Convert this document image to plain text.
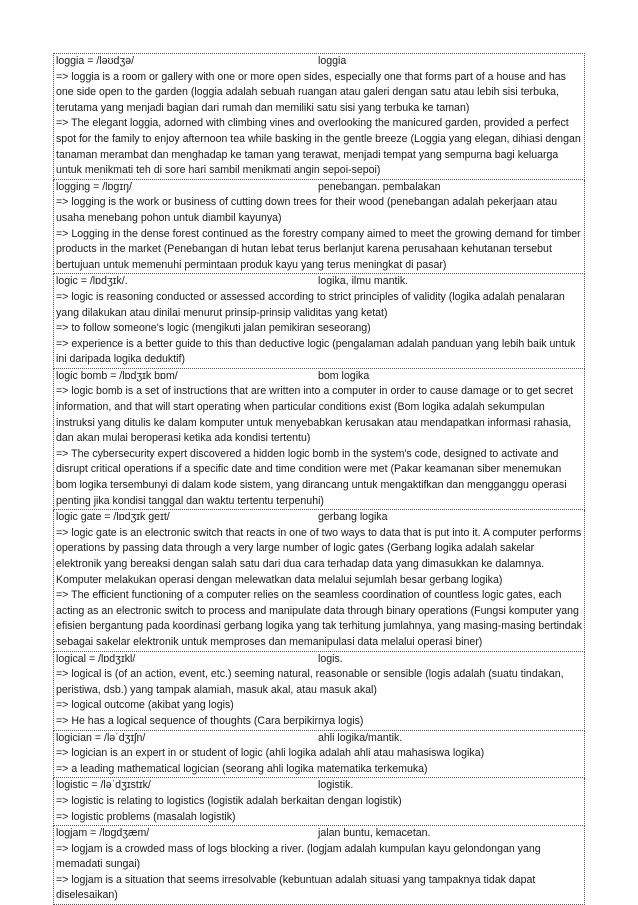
loggia = /ləʊdʒə/	loggia
=> loggia is a room or gallery with one or more open sides, especially one that forms part of a house and has one side open to the garden (loggia adalah sebuah ruangan atau galeri dengan satu atau lebih sisi terbuka, terutama yang menjadi bagian dari rumah dan memiliki satu sisi yang terbuka ke taman)
=> The elegant loggia, adorned with climbing vines and overlooking the manicured garden, provided a perfect spot for the family to enjoy afternoon tea while basking in the gentle breeze (Loggia yang elegan, dihiasi dengan tanaman merambat dan menghadap ke taman yang terawat, menjadi tempat yang sempurna bagi keluarga untuk menikmati teh di sore hari sambil menikmati angin sepoi-sepoi)
logging = /lɒɡɪŋ/	penebangan. pembalakan
=> logging is the work or business of cutting down trees for their wood (penebangan adalah pekerjaan atau usaha menebang pohon untuk diambil kayunya)
=> Logging in the dense forest continued as the forestry company aimed to meet the growing demand for timber products in the market (Penebangan di hutan lebat terus berlanjut karena perusahaan kehutanan tersebut bertujuan untuk memenuhi permintaan produk kayu yang terus meningkat di pasar)
logic = /lɒdʒɪk/.	logika, ilmu mantik.
=> logic is reasoning conducted or assessed according to strict principles of validity (logika adalah penalaran yang dilakukan atau dinilai menurut prinsip-prinsip validitas yang ketat)
=> to follow someone's logic (mengikuti jalan pemikiran seseorang)
=> experience is a better guide to this than deductive logic (pengalaman adalah panduan yang lebih baik untuk ini daripada logika deduktif)
logic bomb = /lɒdʒɪk bɒm/	bom logika
=> logic bomb is a set of instructions that are written into a computer in order to cause damage or to get secret information, and that will start operating when particular conditions exist (Bom logika adalah sekumpulan instruksi yang ditulis ke dalam komputer untuk menyebabkan kerusakan atau mendapatkan informasi rahasia, dan akan mulai beroperasi ketika ada kondisi tertentu)
=> The cybersecurity expert discovered a hidden logic bomb in the system's code, designed to activate and disrupt critical operations if a specific date and time condition were met (Pakar keamanan siber menemukan bom logika tersembunyi di dalam kode sistem, yang dirancang untuk mengaktifkan dan mengganggu operasi penting jika kondisi tanggal dan waktu tertentu terpenuhi)
logic gate = /lɒdʒɪk ɡeɪt/	gerbang logika
=> logic gate is an electronic switch that reacts in one of two ways to data that is put into it. A computer performs operations by passing data through a very large number of logic gates (Gerbang logika adalah sakelar elektronik yang bereaksi dengan salah satu dari dua cara terhadap data yang dimasukkan ke dalamnya. Komputer melakukan operasi dengan melewatkan data melalui sejumlah besar gerbang logika)
=> The efficient functioning of a computer relies on the seamless coordination of countless logic gates, each acting as an electronic switch to process and manipulate data through binary operations (Fungsi komputer yang efisien bergantung pada koordinasi gerbang logika yang tak terhitung jumlahnya, yang masing-masing bertindak sebagai sakelar elektronik untuk memproses dan memanipulasi data melalui operasi biner)
logical = /lɒdʒɪkl/	logis.
=> logical is (of an action, event, etc.) seeming natural, reasonable or sensible (logis adalah (suatu tindakan, peristiwa, dsb.) yang tampak alamiah, masuk akal, atau masuk akal)
=> logical outcome (akibat yang logis)
=> He has a logical sequence of thoughts (Cara berpikirnya logis)
logician = /ləˈdʒɪʃn/	ahli logika/mantik.
=> logician is an expert in or student of logic (ahli logika adalah ahli atau mahasiswa logika)
=> a leading mathematical logician (seorang ahli logika matematika terkemuka)
logistic = /ləˈdʒɪstɪk/	logistik.
=> logistic is relating to logistics (logistik adalah berkaitan dengan logistik)
=> logistic problems (masalah logistik)
logjam = /lɒɡdʒæm/	jalan buntu, kemacetan.
=> logjam is a crowded mass of logs blocking a river. (logjam adalah kumpulan kayu gelondongan yang memadati sungai)
=> logjam is a situation that seems irresolvable (kebuntuan adalah situasi yang tampaknya tidak dapat diselesaikan)
